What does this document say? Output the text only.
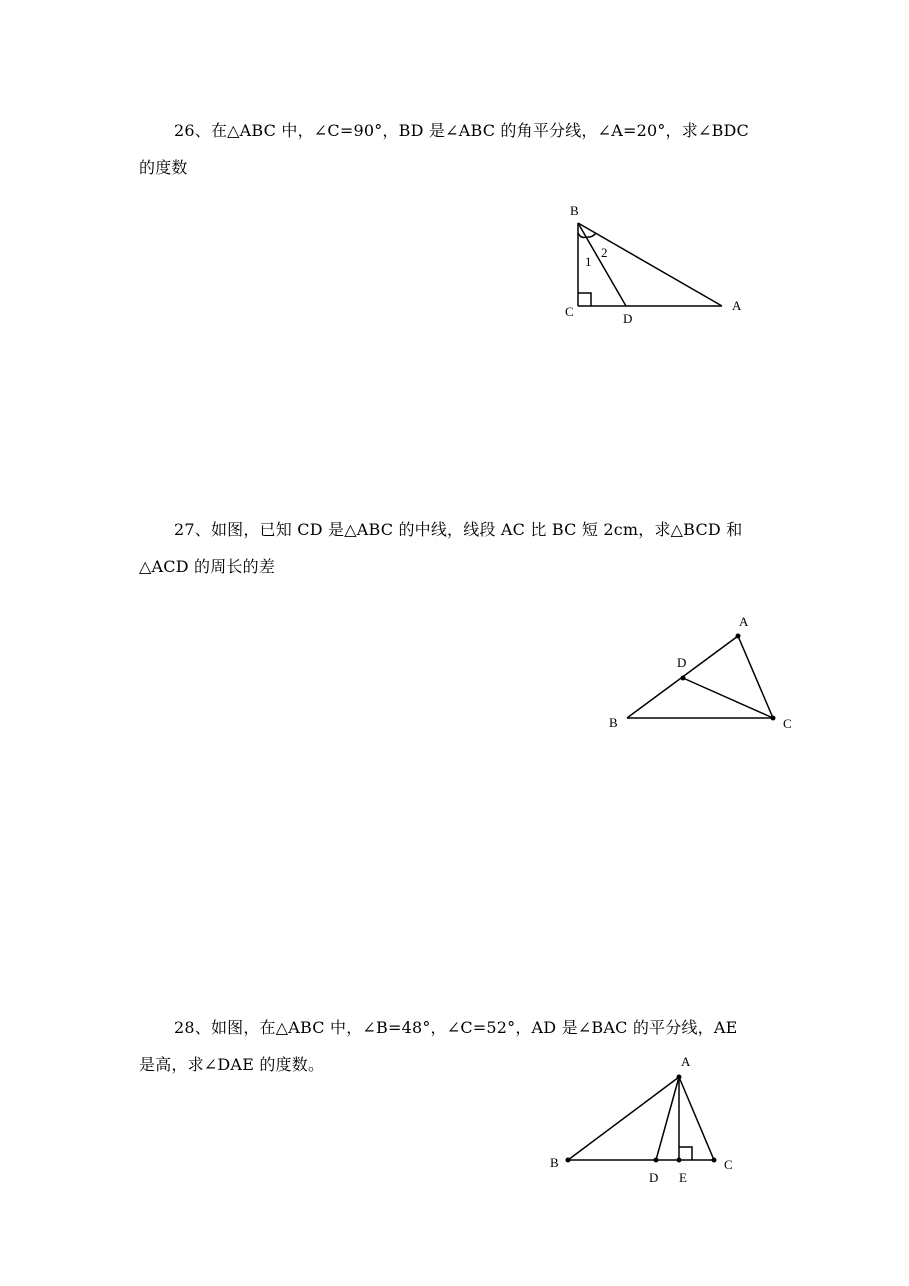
26、在△ABC 中，∠C=90°，BD 是∠ABC 的角平分线，∠A=20°，求∠BDC
的度数
B
C	D
A
1
2
27、如图，已知 CD 是△ABC 的中线，线段 AC 比 BC 短 2cm，求△BCD 和
△ACD 的周长的差
A
D
B	C
28、如图，在△ABC 中，∠B=48°，∠C=52°，AD 是∠BAC 的平分线，AE
是高，求∠DAE 的度数。	A
B
D E
C
